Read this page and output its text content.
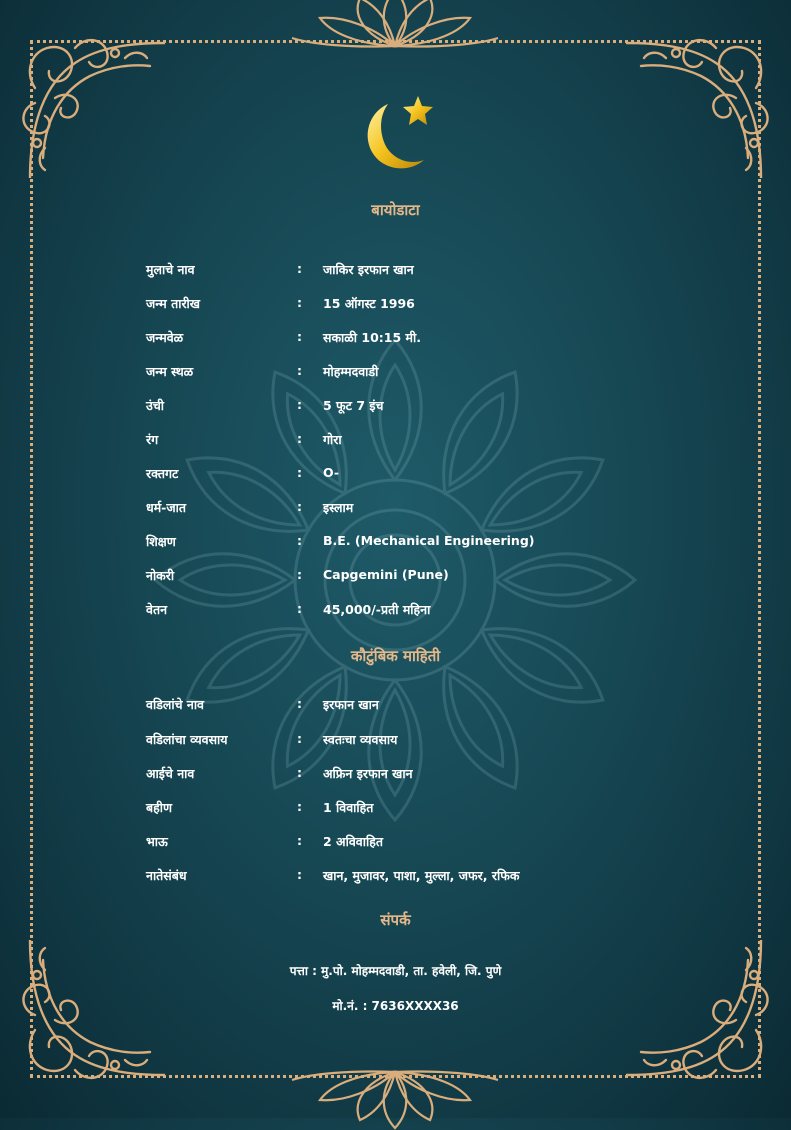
बायोडाटा
कौटुंबिक माहिती
संपर्क
मुलाचे नाव	: जाकिर इरफान खान
जन्म तारीख	: 15 ऑगस्ट 1996
जन्मवेळ	: सकाळी 10:15 मी.
जन्म स्थळ	: मोहम्मदवाडी
उंची	: 5 फूट 7 इंच
रंग	: गोरा
रक्तगट	: O-
धर्म-जात	: इस्लाम
शिक्षण	: B.E. (Mechanical Engineering)
नोकरी	: Capgemini (Pune)
वेतन	: 45,000/-प्रती महिना
वडिलांचे नाव	: इरफान खान
वडिलांचा व्यवसाय	: स्वतःचा व्यवसाय
आईचे नाव	: अफ्रिन इरफान खान
बहीण	: 1 विवाहित
भाऊ	: 2 अविवाहित
नातेसंबंध	: खान, मुजावर, पाशा, मुल्ला, जफर, रफिक
पत्ता : मु.पो. मोहम्मदवाडी, ता. हवेली, जि. पुणे
मो.नं. : 7636XXXX36
